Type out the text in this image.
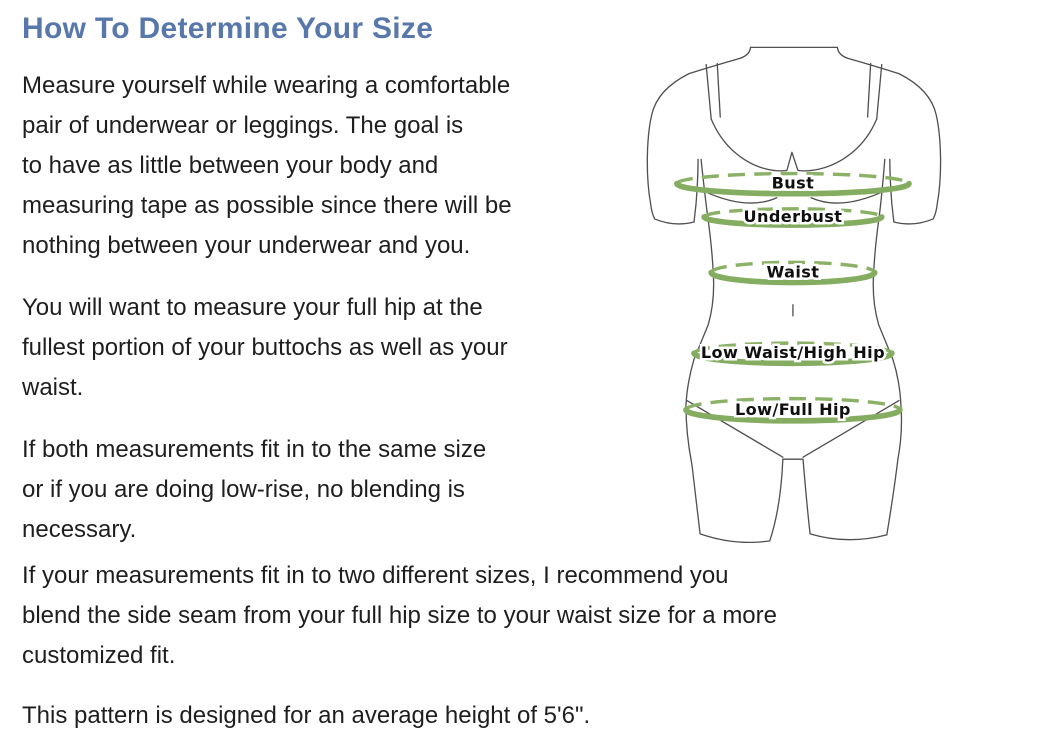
How To Determine Your Size
Measure yourself while wearing a comfortable
pair of underwear or leggings. The goal is
to have as little between your body and
measuring tape as possible since there will be
nothing between your underwear and you.
You will want to measure your full hip at the
fullest portion of your buttochs as well as your
waist.
If both measurements fit in to the same size
or if you are doing low-rise, no blending is
necessary.
If your measurements fit in to two different sizes, I recommend you
blend the side seam from your full hip size to your waist size for a more
customized fit.
This pattern is designed for an average height of 5'6".
Bust
Underbust
Waist
Low Waist/High Hip
Low/Full Hip
